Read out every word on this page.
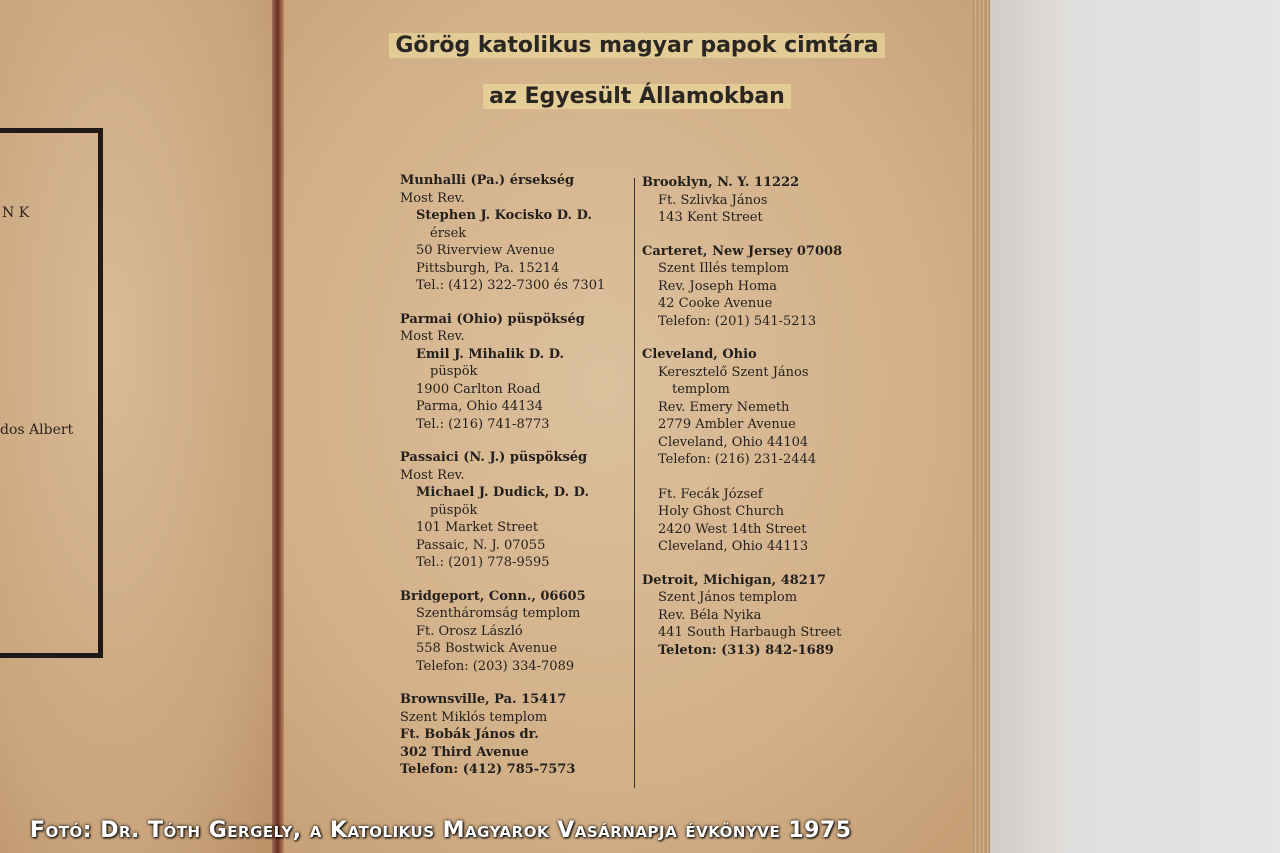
N K
dos Albert
Görög katolikus magyar papok cimtára
az Egyesült Államokban
Munhalli (Pa.) érsekség
Most Rev.
Stephen J. Kocisko D. D.
érsek
50 Riverview Avenue
Pittsburgh, Pa. 15214
Tel.: (412) 322-7300 és 7301
Parmai (Ohio) püspökség
Most Rev.
Emil J. Mihalik D. D.
püspök
1900 Carlton Road
Parma, Ohio 44134
Tel.: (216) 741-8773
Passaici (N. J.) püspökség
Most Rev.
Michael J. Dudick, D. D.
püspök
101 Market Street
Passaic, N. J. 07055
Tel.: (201) 778-9595
Bridgeport, Conn., 06605
Szentháromság templom
Ft. Orosz László
558 Bostwick Avenue
Telefon: (203) 334-7089
Brownsville, Pa. 15417
Szent Miklós templom
Ft. Bobák János dr.
302 Third Avenue
Telefon: (412) 785-7573
Brooklyn, N. Y. 11222
Ft. Szlivka János
143 Kent Street
Carteret, New Jersey 07008
Szent Illés templom
Rev. Joseph Homa
42 Cooke Avenue
Telefon: (201) 541-5213
Cleveland, Ohio
Keresztelő Szent János
templom
Rev. Emery Nemeth
2779 Ambler Avenue
Cleveland, Ohio 44104
Telefon: (216) 231-2444
Ft. Fecák József
Holy Ghost Church
2420 West 14th Street
Cleveland, Ohio 44113
Detroit, Michigan, 48217
Szent János templom
Rev. Béla Nyika
441 South Harbaugh Street
Teleton: (313) 842-1689
Fotó: Dr. Tóth Gergely, a Katolikus Magyarok Vasárnapja évkönyve 1975
